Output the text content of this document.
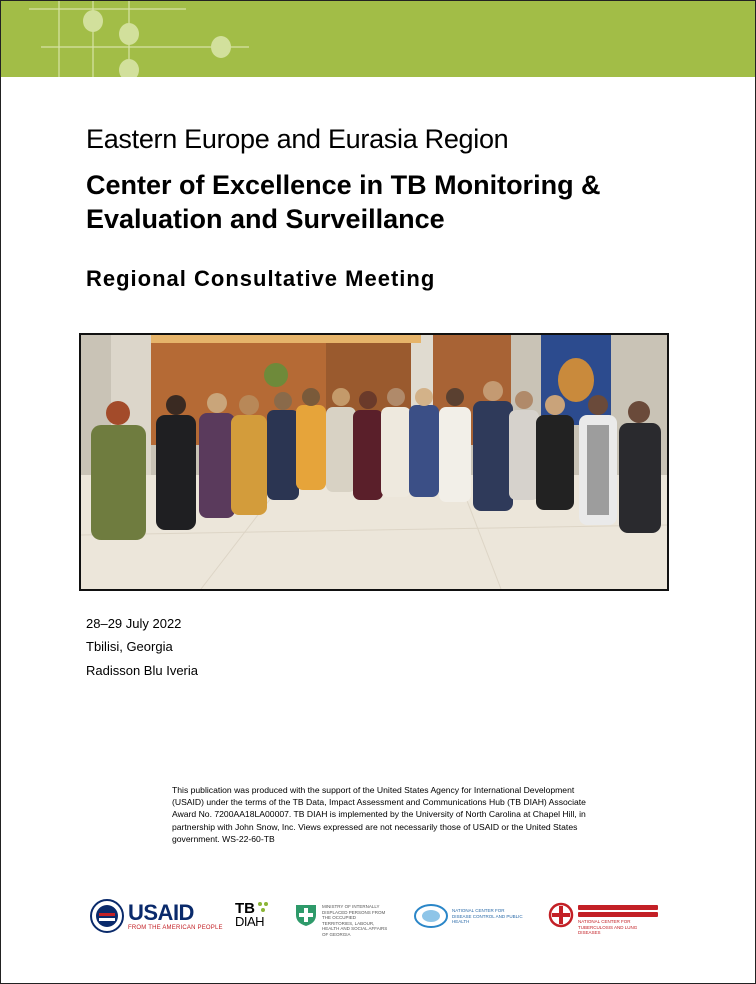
Eastern Europe and Eurasia Region
Center of Excellence in TB Monitoring &
Evaluation and Surveillance
Regional Consultative Meeting
28–29 July 2022
Tbilisi, Georgia
Radisson Blu Iveria
This publication was produced with the support of the United States Agency for International Development (USAID) under the terms of the TB Data, Impact Assessment and Communications Hub (TB DIAH) Associate Award No. 7200AA18LA00007. TB DIAH is implemented by the University of North Carolina at Chapel Hill, in partnership with John Snow, Inc. Views expressed are not necessarily those of USAID or the United States government. WS-22-60-TB
USAID
FROM THE AMERICAN PEOPLE
TB
DIAH
MINISTRY OF INTERNALLY DISPLACED PERSONS FROM THE OCCUPIED TERRITORIES, LABOUR, HEALTH AND SOCIAL AFFAIRS OF GEORGIA
NATIONAL CENTER FOR DISEASE CONTROL AND PUBLIC HEALTH	NATIONAL CENTER FOR TUBERCULOSIS AND LUNG DISEASES
